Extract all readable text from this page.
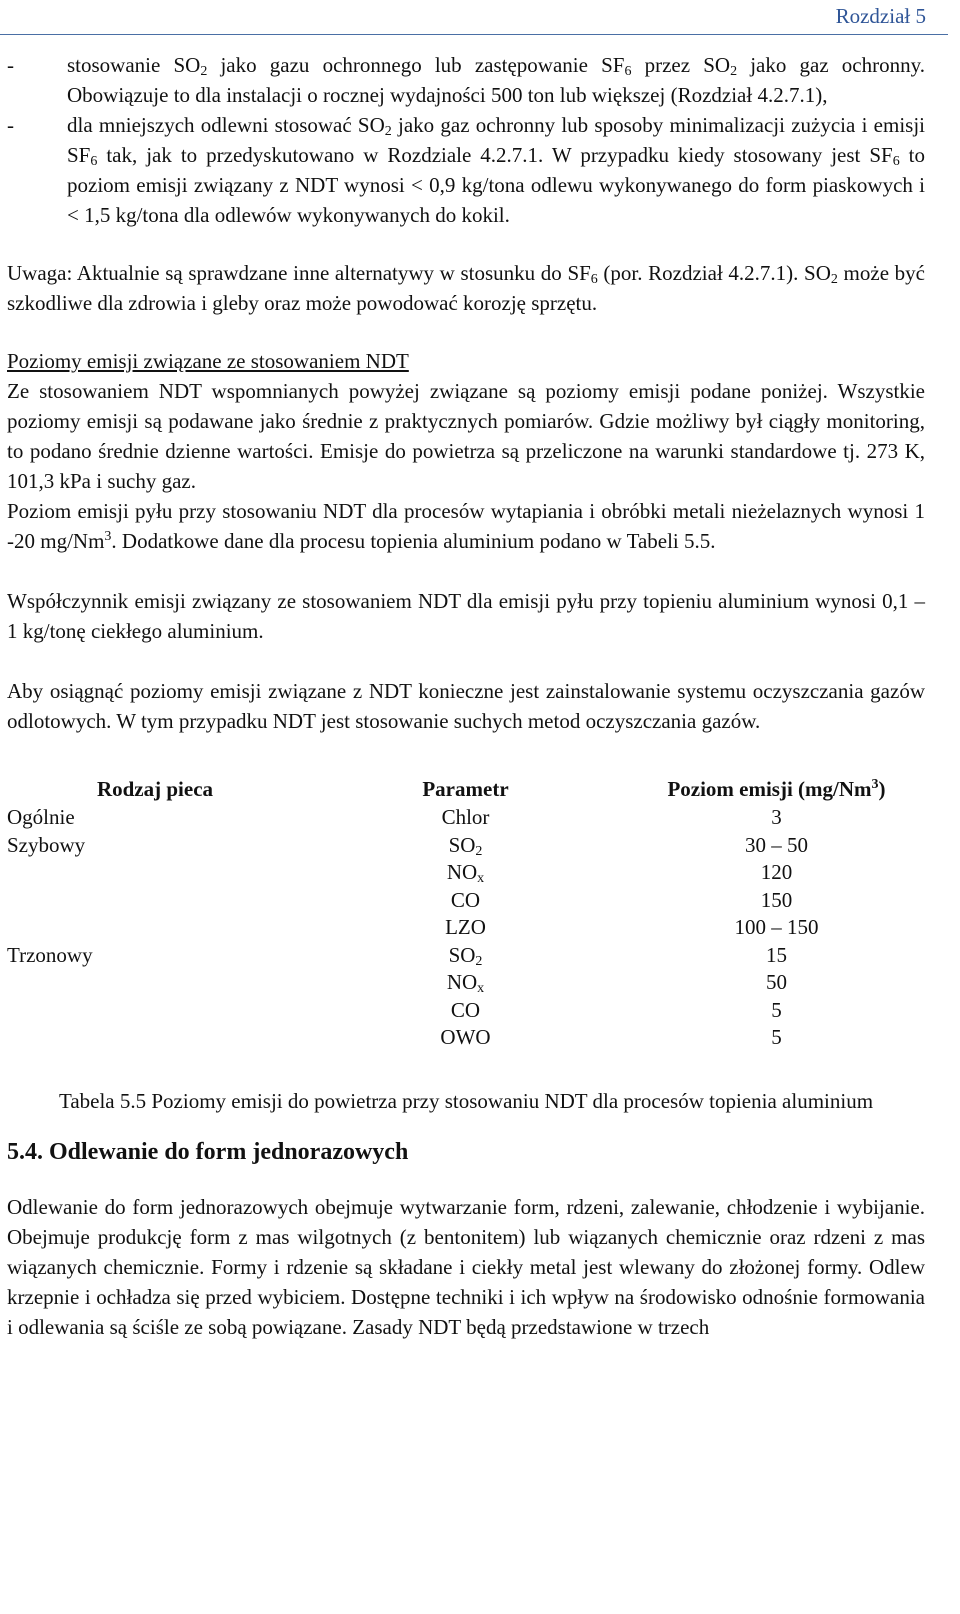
Rozdział 5
-	stosowanie $SO_2$ jako gazu ochronnego lub zastępowanie $SF_6$ przez $SO_2$ jako gaz ochronny. Obowiązuje to dla instalacji o rocznej wydajności 500 ton lub większej (Rozdział 4.2.7.1),
-	dla mniejszych odlewni stosować $SO_2$ jako gaz ochronny lub sposoby minimalizacji zużycia i emisji $SF_6$ tak, jak to przedyskutowano w Rozdziale 4.2.7.1. W przypadku kiedy stosowany jest $SF_6$ to poziom emisji związany z NDT wynosi < 0,9 kg/tona odlewu wykonywanego do form piaskowych i < 1,5 kg/tona dla odlewów wykonywanych do kokil.

Uwaga: Aktualnie są sprawdzane inne alternatywy w stosunku do $SF_6$ (por. Rozdział 4.2.7.1). $SO_2$ może być szkodliwe dla zdrowia i gleby oraz może powodować korozję sprzętu.

Poziomy emisji związane ze stosowaniem NDT

Ze stosowaniem NDT wspomnianych powyżej związane są poziomy emisji podane poniżej. Wszystkie poziomy emisji są podawane jako średnie z praktycznych pomiarów. Gdzie możliwy był ciągły monitoring, to podano średnie dzienne wartości. Emisje do powietrza są przeliczone na warunki standardowe tj. 273 K, 101,3 kPa i suchy gaz.

Poziom emisji pyłu przy stosowaniu NDT dla procesów wytapiania i obróbki metali nieżelaznych wynosi 1 -20 mg/Nm$^3$. Dodatkowe dane dla procesu topienia aluminium podano w Tabeli 5.5.

Współczynnik emisji związany ze stosowaniem NDT dla emisji pyłu przy topieniu aluminium wynosi 0,1 – 1 kg/tonę ciekłego aluminium.

Aby osiągnąć poziomy emisji związane z NDT konieczne jest zainstalowanie systemu oczyszczania gazów odlotowych. W tym przypadku NDT jest stosowanie suchych metod oczyszczania gazów.

Rodzaj pieca	Parametr	Poziom emisji (mg/Nm$^3$)
Ogólnie	Chlor	3
Szybowy	$SO_2$	30 – 50
	$NO_x$	120
	CO	150
	LZO	100 – 150
Trzonowy	$SO_2$	15
	$NO_x$	50
	CO	5
	OWO	5

Tabela 5.5 Poziomy emisji do powietrza przy stosowaniu NDT dla procesów topienia aluminium

5.4. Odlewanie do form jednorazowych

Odlewanie do form jednorazowych obejmuje wytwarzanie form, rdzeni, zalewanie, chłodzenie i wybijanie. Obejmuje produkcję form z mas wilgotnych (z bentonitem) lub wiązanych chemicznie oraz rdzeni z mas wiązanych chemicznie. Formy i rdzenie są składane i ciekły metal jest wlewany do złożonej formy. Odlew krzepnie i ochładza się przed wybiciem. Dostępne techniki i ich wpływ na środowisko odnośnie formowania i odlewania są ściśle ze sobą powiązane. Zasady NDT będą przedstawione w trzech
